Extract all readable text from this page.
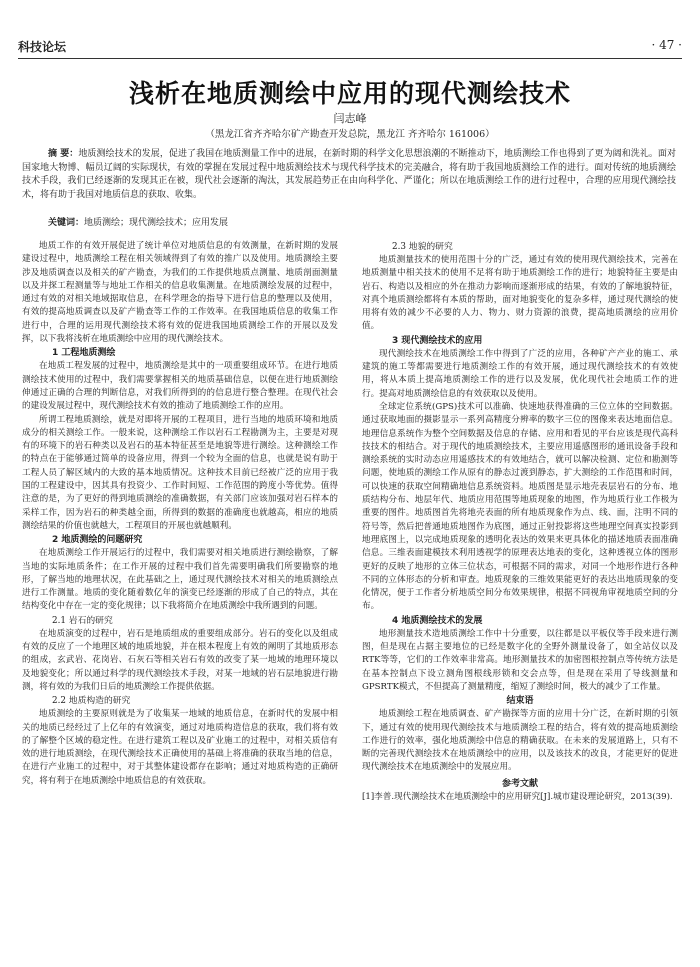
科技论坛	· 47 ·
浅析在地质测绘中应用的现代测绘技术
闫志峰
（黑龙江省齐齐哈尔矿产勘查开发总院，黑龙江 齐齐哈尔 161006）
摘 要：地质测绘技术的发展，促进了我国在地质测量工作中的进展，在新时期的科学文化思想浪潮的不断推动下，地质测绘工作也得到了更为阔和洗礼。面对国家地大物博、幅员辽阔的实际现状，有效的掌握在发展过程中地质测绘技术与现代科学技术的完美融合，将有助于我国地质测绘工作的进行。面对传统的地质测绘技术手段，我们已经逐渐的发现其正在被，现代社会逐渐的淘汰，其发展趋势正在由向科学化、严谨化；所以在地质测绘工作的进行过程中，合理的应用现代测绘技术，将有助于我国对地质信息的获取、收集。
关键词：地质测绘；现代测绘技术；应用发展

地质工作的有效开展促进了统计单位对地质信息的有效测量，在新时期的发展建设过程中，地质测绘工程在相关领域得到了有效的推广以及使用。地质测绘主要涉及地质调查以及相关的矿产勘查，为我们的工作提供地质点测量、地质剖面测量以及并探工程测量等与地址工作相关的信息收集测量。在地质测绘发展的过程中，通过有效的对相关地域据取信息，在科学理念的指导下进行信息的整理以及使用，有效的提高地质调查以及矿产勘查等工作的工作效率。在我国地质信息的收集工作进行中，合理的运用现代测绘技术将有效的促进我国地质测绘工作的开展以及发挥，以下我将浅析在地质测绘中应用的现代测绘技术。

1 工程地质测绘

在地质工程发展的过程中，地质测绘是其中的一项重要组成环节。在进行地质测绘技术使用的过程中，我们需要掌握相关的地质基础信息，以便在进行地质测绘伸通过正确的合理的判断信息，对我们所得到的的信息进行整合整理。在现代社会的建设发展过程中，现代测绘技术有效的推动了地质测绘工作的应用。

所谓工程地质测绘，就是对即将开展的工程项目，进行当地的地质环境和地质成分的相关测绘工作。一般来说，这种测绘工作以岩石工程勘测为主，主要是对现有的环境下的岩石种类以及岩石的基本特征甚至是地貌等进行测绘。这种测绘工作的特点在于能够通过简单的设备应用，得到一个较为全面的信息，也就是说有助于工程人员了解区域内的大致的基本地质情况。这种技术目前已经被广泛的应用于我国的工程建设中，因其具有投资少、工作时间短、工作范围的跨度小等优势。值得注意的是，为了更好的得到地质测绘的准确数据，有关部门应该加强对岩石样本的采样工作，因为岩石的种类越全面，所得到的数据的准确度也就越高，相应的地质测绘结果的价值也就越大，工程项目的开展也就越顺利。

2 地质测绘的问题研究

在地质测绘工作开展运行的过程中，我们需要对相关地质进行测绘勘察，了解当地的实际地质条件；在工作开展的过程中我们首先需要明确我们所要勘察的地形，了解当地的地理状况，在此基础之上，通过现代测绘技术对相关的地质测绘点进行工作测量。地质的变化随着数亿年的演变已经逐渐的形成了自己的特点，其在结构变化中存在一定的变化规律；以下我将简介在地质测绘中我所遇到的问题。

2.1 岩石的研究

在地质演变的过程中，岩石是地质组成的重要组成部分。岩石的变化以及组成有效的反应了一个地理区域的地质地貌，并在根本程度上有效的阐明了其地质形态的组成，玄武岩、花岗岩、石灰石等相关岩石有效的改变了某一地域的地理环境以及地貌变化；所以通过科学的现代测绘技术手段，对某一地域的岩石层地貌进行勘测，将有效的为我们日后的地质测绘工作提供依据。

2.2 地质构造的研究

地质测绘的主要原则就是为了收集某一地域的地质信息，在新时代的发展中相关的地质已经经过了上亿年的有效演变，通过对地质构造信息的获取，我们将有效的了解整个区域的稳定性。在进行建筑工程以及矿业施工的过程中，对相关质信有效的进行地质测绘，在现代测绘技术正确使用的基础上将准确的获取当地的信息，在进行产业施工的过程中，对于其整体建设都存在影响；通过对地质构造的正确研究，将有利于在地质测绘中地质信息的有效获取。

2.3 地貌的研究

地质测量技术的使用范围十分的广泛，通过有效的使用现代测绘技术，完善在地质测量中相关技术的使用不足将有助于地质测绘工作的进行；地貌特征主要是由岩石、构造以及相应的外在推动力影响而逐渐形成的结果，有效的了解地貌特征，对真个地质测绘都将有本质的帮助，面对地貌变化的复杂多样，通过现代测绘的使用将有效的减少不必要的人力、物力、财力资源的浪费，提高地质测绘的应用价值。

3 现代测绘技术的应用

现代测绘技术在地质测绘工作中得到了广泛的应用，各种矿产产业的施工、承建筑的施工等都需要进行地质测绘工作的有效开展，通过现代测绘技术的有效使用，将从本质上提高地质测绘工作的进行以及发展，优化现代社会地质工作的进行。提高对地质测绘信息的有效获取以及使用。

全球定位系统(GPS)技术可以准确、快速地获得准确的三位立体的空间数据。通过获取地面的摄影显示一系列高精度分辨率的数字三位的图像来表达地面信息。地理信息系统作为整个空间数据及信息的存储、应用和看见的平台应该是现代高科技技术的相结合。对于现代的地质测绘技术，主要应用遥感图形的通讯设备手段和测绘系统的实时动态应用遥感技术的有效地结合，就可以解决检测、定位和勘测等问题，使地质的测绘工作从原有的静态过渡到静态，扩大测绘的工作范围和时间，可以快速的获取空间精确地信息系统资料。地质图是显示地壳表层岩石的分布、地质结构分布、地层年代、地质应用范围等地质现象的地图，作为地质行业工作极为重要的图件。地质图首先将地壳表面的所有地质现象作为点、线、面，注明不同的符号等，然后把普通地质地图作为底图，通过正射投影将这些地理空间真实投影到地理底图上，以完成地质现象的透明化表达的效果来更具体化的描述地质表面准确信息。三维表面建模技术利用透视学的原理表达地表的变化，这种透视立体的图形更好的反映了地形的立体三位状态，可根据不同的需求，对同一个地形作进行各种不同的立体形态的分析和审查。地质现象的三维效果能更好的表达出地质现象的变化情况，便于工作者分析地质空间分布效果规律，根据不同视角审视地质空间的分布。

4 地质测绘技术的发展

地形测量技术造地质测绘工作中十分重要，以往都是以平板仪等手段来进行测图，但是现在占据主要地位的已经是数字化的全野外测量设备了，如全站仪以及RTK等等，它们的工作效率非常高。地形测量技术的加密图根控制点等传统方法是在基本控制点下设立测角图根线形锁和交会点等，但是现在采用了导线测量和GPSRTK模式，不但提高了测量精度，缩短了测绘时间，极大的减少了工作量。

结束语

地质测绘工程在地质调查、矿产勘探等方面的应用十分广泛，在新时期的引领下，通过有效的使用现代测绘技术与地质测绘工程的结合，将有效的提高地质测绘工作进行的效率，强化地质测绘中信息的精确获取。在未来的发展道路上，只有不断的完善现代测绘技术在地质测绘中的应用，以及该技术的改良，才能更好的促进现代测绘技术在地质测绘中的发展应用。

参考文献
[1]李普.现代测绘技术在地质测绘中的应用研究[J].城市建设理论研究，2013(39).
